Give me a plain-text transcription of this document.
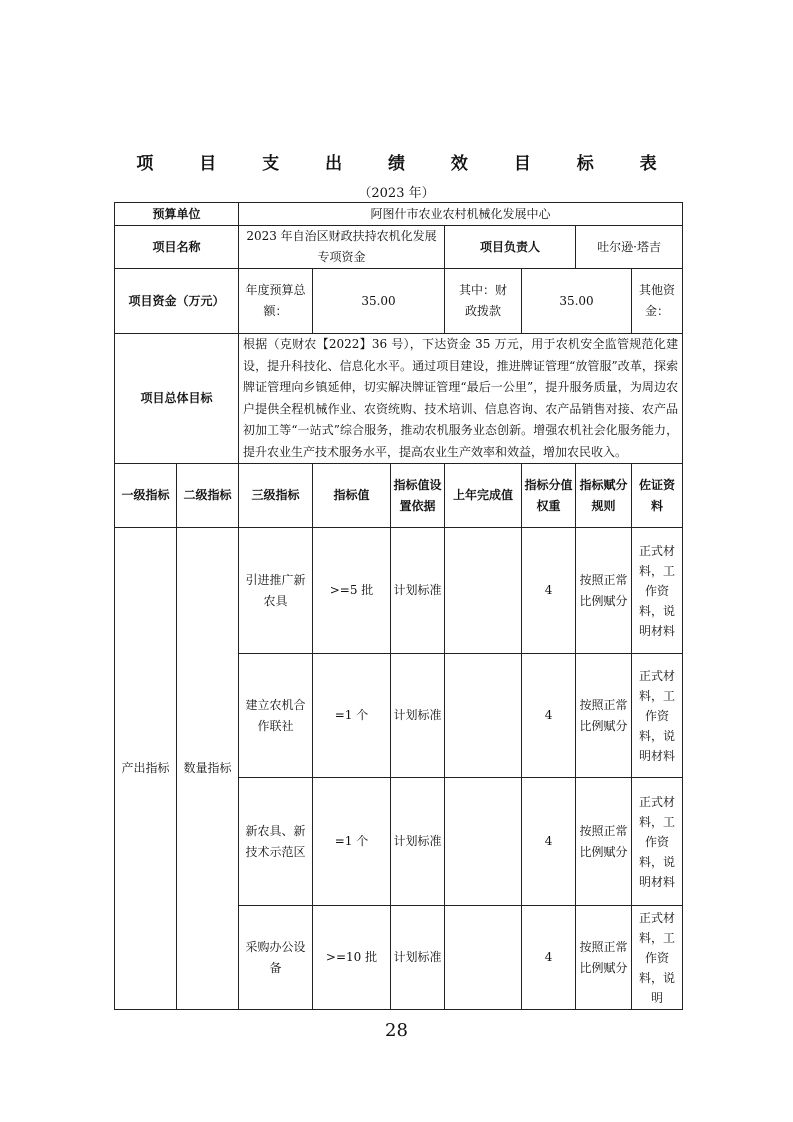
项 目 支 出 绩 效 目 标 表
（2023 年）
预算单位		阿图什市农业农村机械化发展中心						
项目名称		2023 年自治区财政扶持农机化发展专项资金			项目负责人		吐尔逊·塔吉	
项目资金（万元）		年度预算总额：	35.00		其中：财政拨款	35.00		其他资金：
项目总体目标		根据（克财农【2022】36 号），下达资金 35 万元，用于农机安全监管规范化建设，提升科技化、信息化水平。通过项目建设，推进牌证管理“放管服”改革，探索牌证管理向乡镇延伸，切实解决牌证管理“最后一公里”，提升服务质量，为周边农户提供全程机械作业、农资统购、技术培训、信息咨询、农产品销售对接、农产品初加工等“一站式”综合服务，推动农机服务业态创新。增强农机社会化服务能力，提升农业生产技术服务水平，提高农业生产效率和效益，增加农民收入。						
一级指标	二级指标	三级指标	指标值	指标值设置依据	上年完成值	指标分值权重	指标赋分规则	佐证资料
产出指标	数量指标	引进推广新农具	>=5 批	计划标准		4	按照正常比例赋分	正式材料，工作资料，说明材料
		建立农机合作联社	=1 个	计划标准		4	按照正常比例赋分	正式材料，工作资料，说明材料
		新农具、新技术示范区	=1 个	计划标准		4	按照正常比例赋分	正式材料，工作资料，说明材料
		采购办公设备	>=10 批	计划标准		4	按照正常比例赋分	正式材料，工作资料，说明
28
